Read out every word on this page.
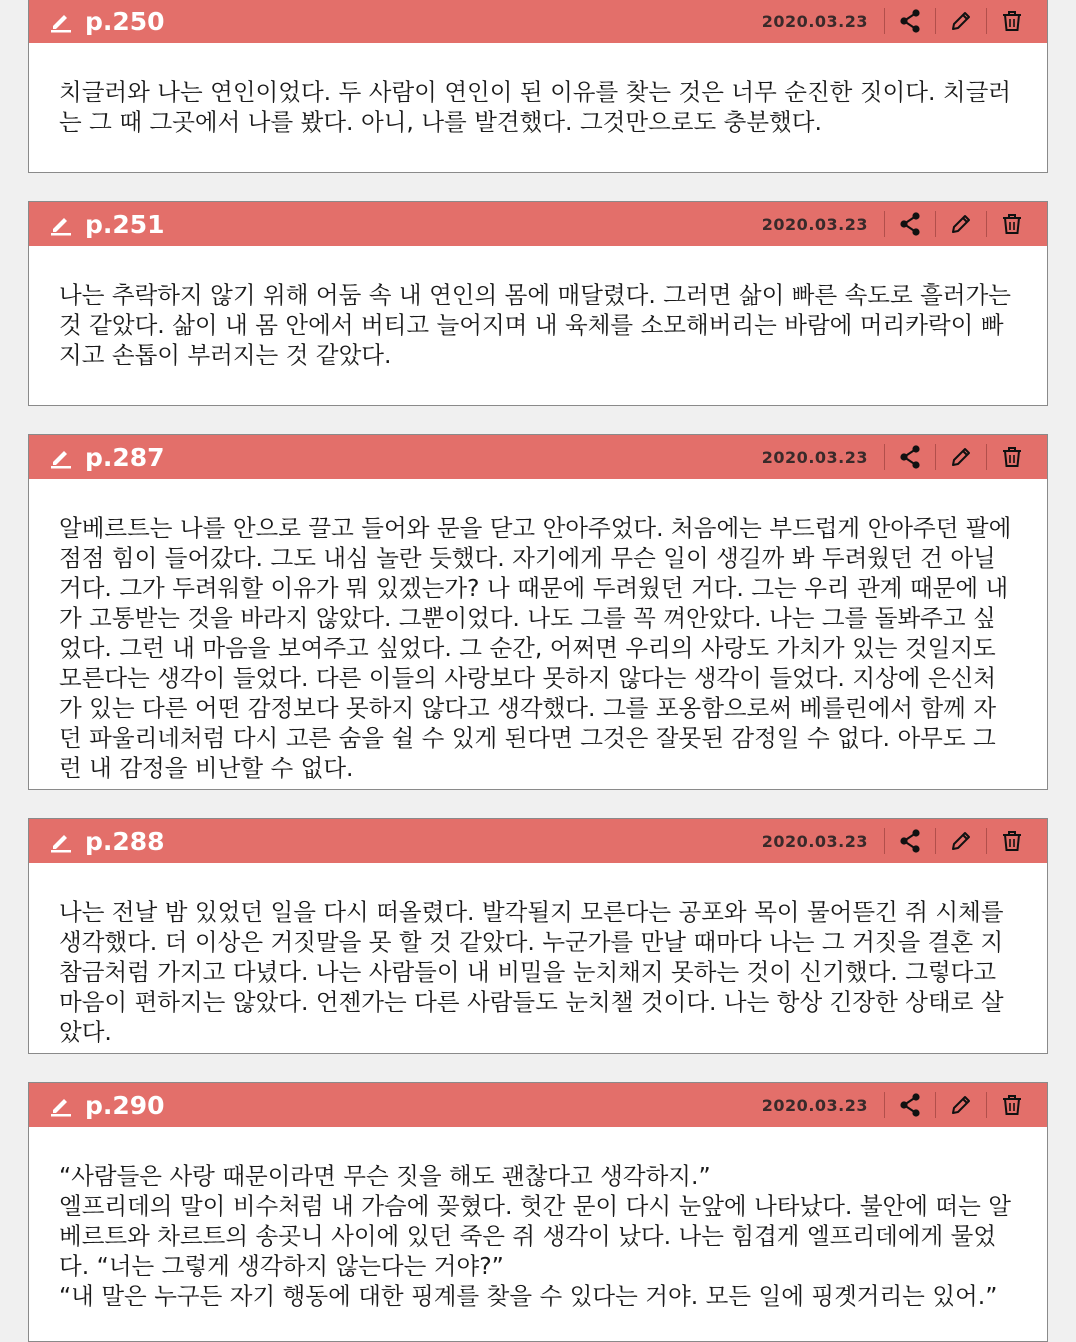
p.250	2020.03.23
치글러와 나는 연인이었다. 두 사람이 연인이 된 이유를 찾는 것은 너무 순진한 짓이다. 치글러는 그 때 그곳에서 나를 봤다. 아니, 나를 발견했다. 그것만으로도 충분했다.
p.251	2020.03.23
나는 추락하지 않기 위해 어둠 속 내 연인의 몸에 매달렸다. 그러면 삶이 빠른 속도로 흘러가는 것 같았다. 삶이 내 몸 안에서 버티고 늘어지며 내 육체를 소모해버리는 바람에 머리카락이 빠지고 손톱이 부러지는 것 같았다.
p.287	2020.03.23
알베르트는 나를 안으로 끌고 들어와 문을 닫고 안아주었다. 처음에는 부드럽게 안아주던 팔에 점점 힘이 들어갔다. 그도 내심 놀란 듯했다. 자기에게 무슨 일이 생길까 봐 두려웠던 건 아닐 거다. 그가 두려워할 이유가 뭐 있겠는가? 나 때문에 두려웠던 거다. 그는 우리 관계 때문에 내가 고통받는 것을 바라지 않았다. 그뿐이었다. 나도 그를 꼭 껴안았다. 나는 그를 돌봐주고 싶었다. 그런 내 마음을 보여주고 싶었다. 그 순간, 어쩌면 우리의 사랑도 가치가 있는 것일지도 모른다는 생각이 들었다. 다른 이들의 사랑보다 못하지 않다는 생각이 들었다. 지상에 은신처가 있는 다른 어떤 감정보다 못하지 않다고 생각했다. 그를 포옹함으로써 베를린에서 함께 자던 파울리네처럼 다시 고른 숨을 쉴 수 있게 된다면 그것은 잘못된 감정일 수 없다. 아무도 그런 내 감정을 비난할 수 없다.
p.288	2020.03.23
나는 전날 밤 있었던 일을 다시 떠올렸다. 발각될지 모른다는 공포와 목이 물어뜯긴 쥐 시체를 생각했다. 더 이상은 거짓말을 못 할 것 같았다. 누군가를 만날 때마다 나는 그 거짓을 결혼 지참금처럼 가지고 다녔다. 나는 사람들이 내 비밀을 눈치채지 못하는 것이 신기했다. 그렇다고 마음이 편하지는 않았다. 언젠가는 다른 사람들도 눈치챌 것이다. 나는 항상 긴장한 상태로 살았다.
p.290	2020.03.23
“사람들은 사랑 때문이라면 무슨 짓을 해도 괜찮다고 생각하지.”
엘프리데의 말이 비수처럼 내 가슴에 꽂혔다. 헛간 문이 다시 눈앞에 나타났다. 불안에 떠는 알베르트와 차르트의 송곳니 사이에 있던 죽은 쥐 생각이 났다. 나는 힘겹게 엘프리데에게 물었다. “너는 그렇게 생각하지 않는다는 거야?”
“내 말은 누구든 자기 행동에 대한 핑계를 찾을 수 있다는 거야. 모든 일에 핑곗거리는 있어.”
